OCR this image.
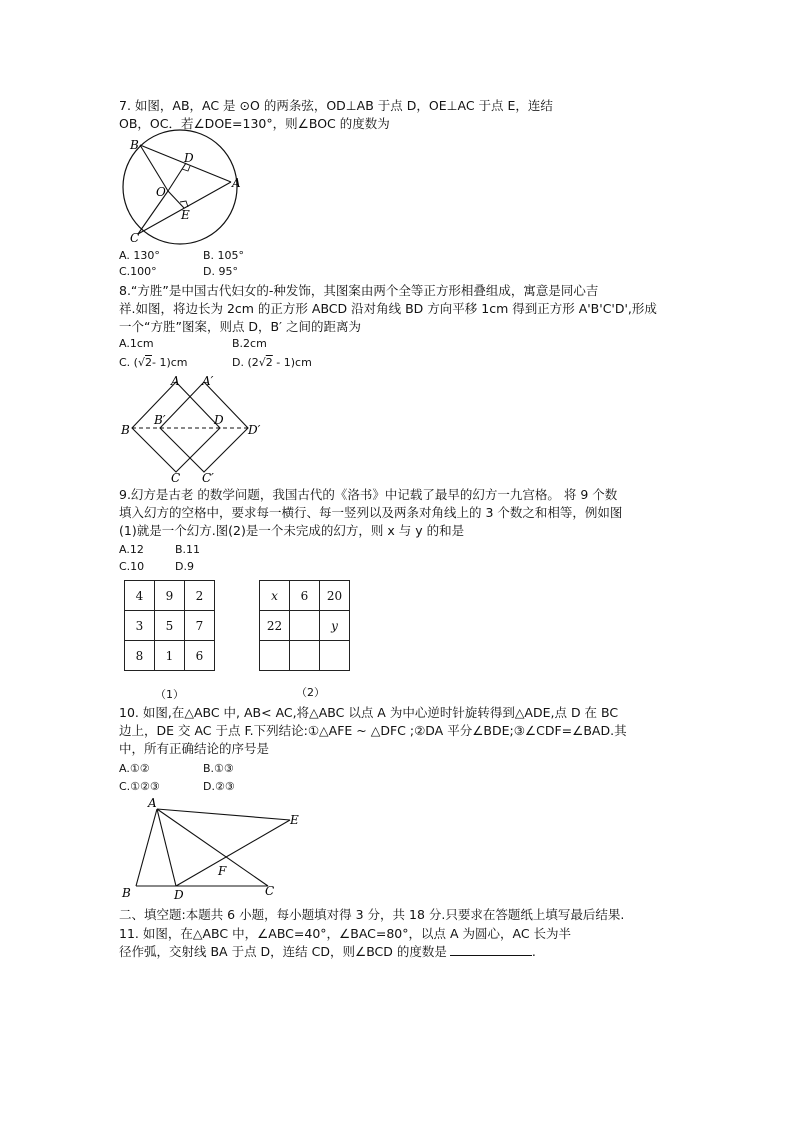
7. 如图，AB，AC 是 ⊙O 的两条弦，OD⊥AB 于点 D，OE⊥AC 于点 E，连结
OB，OC．若∠DOE=130°，则∠BOC 的度数为
B
D
O
A
E
C
A. 130°	B. 105°
C.100°	D. 95°
8.“方胜”是中国古代妇女的-种发饰，其图案由两个全等正方形相叠组成，寓意是同心吉
祥.如图，将边长为 2cm 的正方形 ABCD 沿对角线 BD 方向平移 1cm 得到正方形 A'B'C'D',形成
一个“方胜”图案，则点 D，B′ 之间的距离为
A.1cm	B.2cm
C. (√2- 1)cm	D. (2√2 - 1)cm
A A′
B
B′	D
D′
C C′
9.幻方是古老 的数学问题，我国古代的《洛书》中记载了最早的幻方一九宫格。 将 9 个数
填入幻方的空格中，要求每一横行、每一竖列以及两条对角线上的 3 个数之和相等，例如图
(1)就是一个幻方.图(2)是一个未完成的幻方，则 x 与 y 的和是
A.12	B.11
C.10	D.9
4	9	2
3	5	7
8	1	6
（1）
x	6	20
22		y

（2）
10. 如图,在△ABC 中, AB< AC,将△ABC 以点 A 为中心逆时针旋转得到△ADE,点 D 在 BC
边上，DE 交 AC 于点 F.下列结论:①△AFE ~ △DFC ;②DA 平分∠BDE;③∠CDF=∠BAD.其
中，所有正确结论的序号是
A.①②	B.①③
C.①②③	D.②③
A
E
F
B	D	C
二、填空题:本题共 6 小题，每小题填对得 3 分，共 18 分.只要求在答题纸上填写最后结果.
11. 如图，在△ABC 中，∠ABC=40°，∠BAC=80°，以点 A 为圆心，AC 长为半
径作弧，交射线 BA 于点 D，连结 CD，则∠BCD 的度数是	.
